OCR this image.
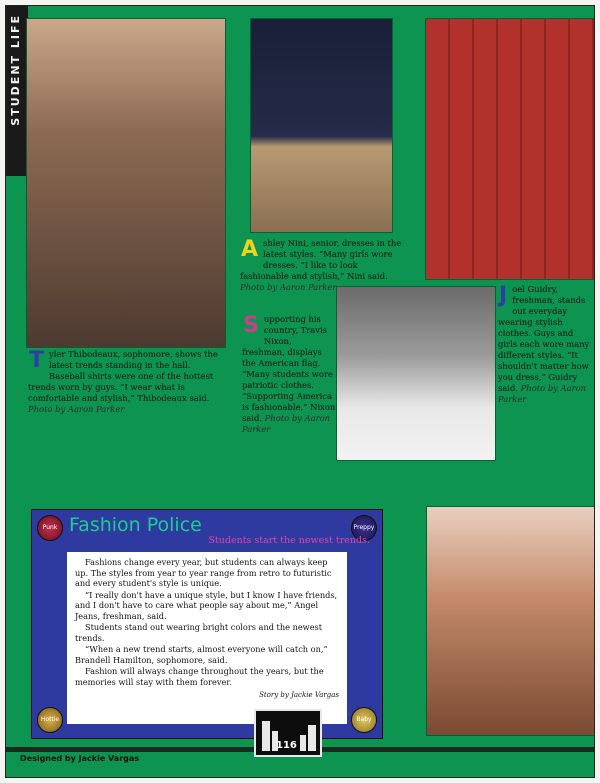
STUDENT LIFE
T yler Thibodeaux, sophomore, shows the latest trends standing in the hall. Baseball shirts were one of the hottest trends worn by guys. “I wear what is comfortable and stylish,” Thibodeaux said. Photo by Aaron Parker
A shley Nini, senior, dresses in the latest styles. “Many girls wore dresses. “I like to look fashionable and stylish,” Nini said. Photo by Aaron Parker
S upporting his country, Travis Nixon, freshman, displays the American flag. “Many students wore patriotic clothes. “Supporting America is fashionable,” Nixon said. Photo by Aaron Parker
J oel Guidry, freshman, stands out everyday wearing stylish clothes. Guys and girls each wore many different styles. “It shouldn't matter how you dress,” Guidry said. Photo by Aaron Parker
Punk	Preppy
Hottie	Baby
Fashion Police
Students start the newest trends.

Fashions change every year, but students can always keep up. The styles from year to year range from retro to futuristic and every student's style is unique.

“I really don't have a unique style, but I know I have friends, and I don't have to care what people say about me,” Angel Jeans, freshman, said.

Students stand out wearing bright colors and the newest trends.

“When a new trend starts, almost everyone will catch on,” Brandell Hamilton, sophomore, said.

Fashion will always change throughout the years, but the memories will stay with them forever.

Story by Jackie Vargas
Designed by Jackie Vargas
116
